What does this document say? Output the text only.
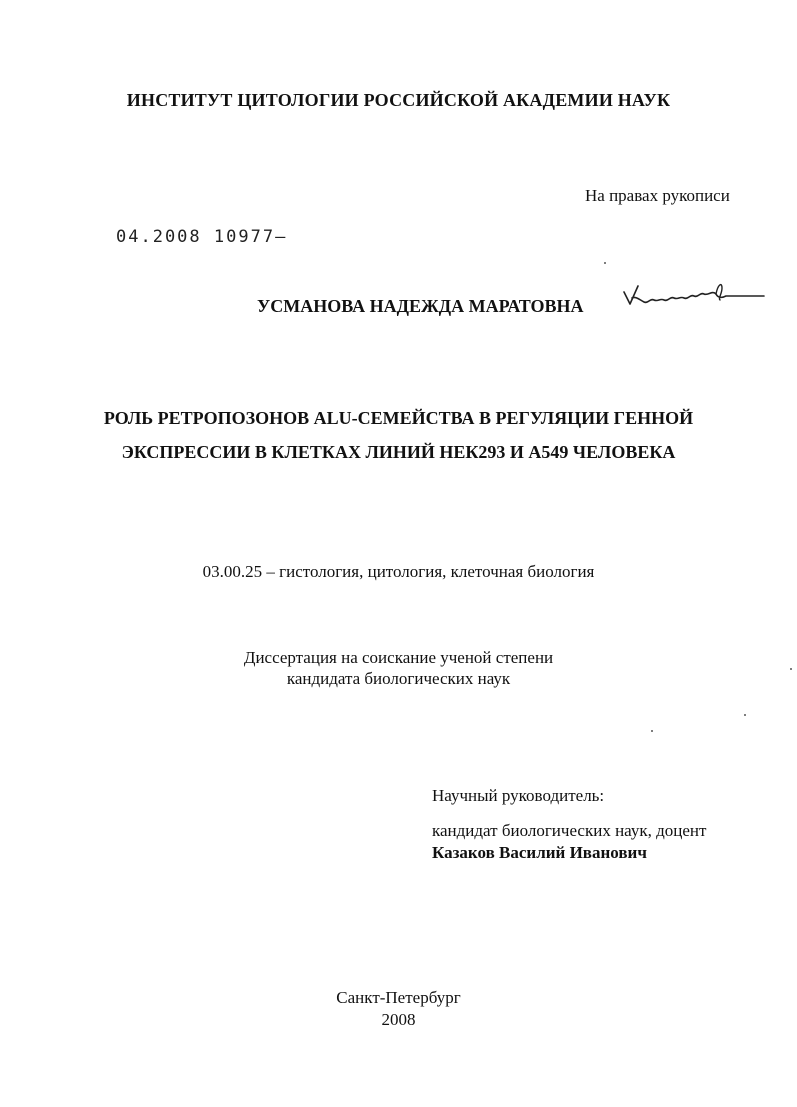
ИНСТИТУТ ЦИТОЛОГИИ РОССИЙСКОЙ АКАДЕМИИ НАУК
На правах рукописи
04.2008 10977–
УСМАНОВА НАДЕЖДА МАРАТОВНА
РОЛЬ РЕТРОПОЗОНОВ ALU-СЕМЕЙСТВА В РЕГУЛЯЦИИ ГЕННОЙ
ЭКСПРЕССИИ В КЛЕТКАХ ЛИНИЙ НЕК293 И А549 ЧЕЛОВЕКА
03.00.25 – гистология, цитология, клеточная биология
Диссертация на соискание ученой степени
кандидата биологических наук
Научный руководитель:
кандидат биологических наук, доцент
Казаков Василий Иванович
Санкт-Петербург
2008
